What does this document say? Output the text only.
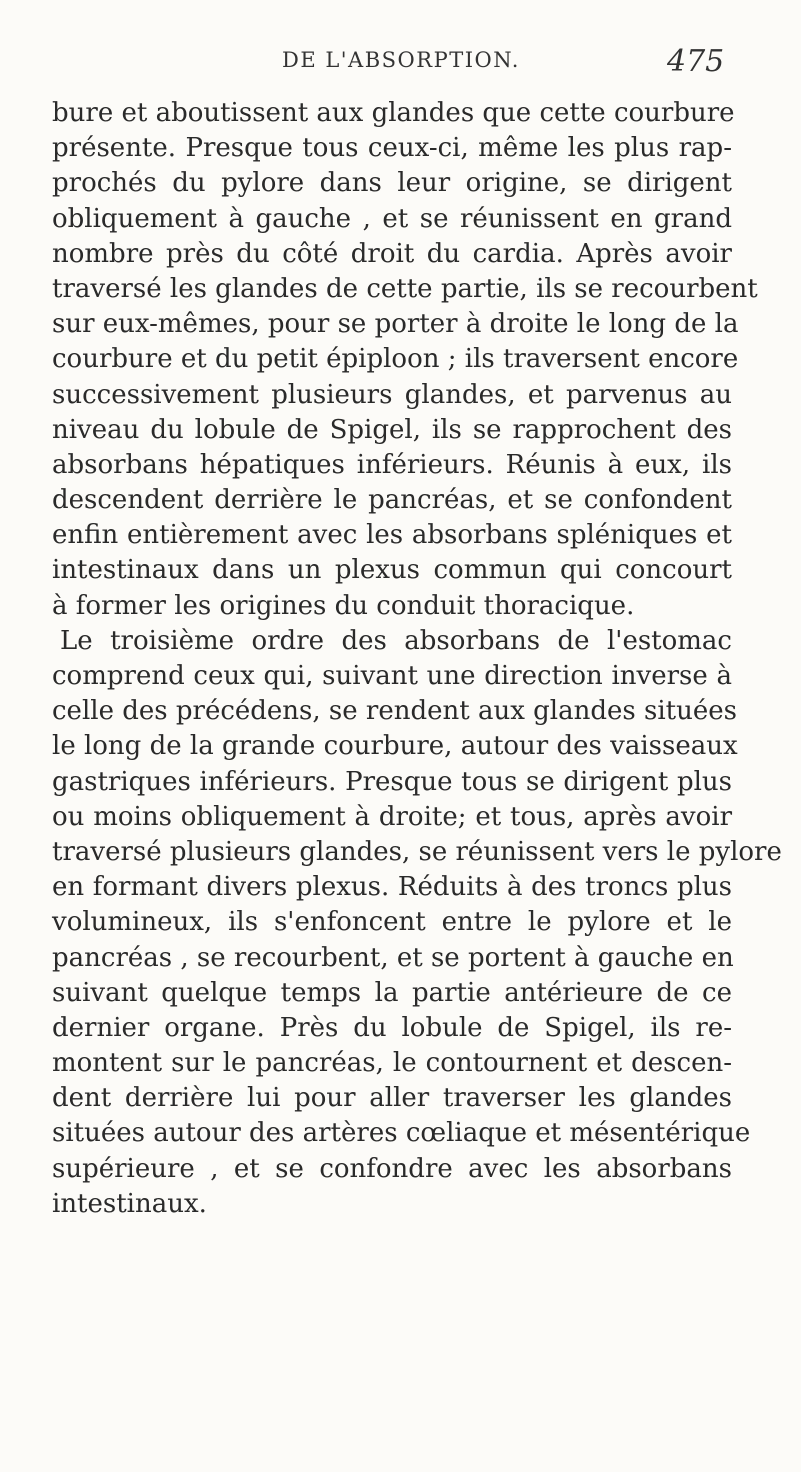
DE L'ABSORPTION.	475
bure et aboutissent aux glandes que cette courbure
présente. Presque tous ceux-ci, même les plus rap-
prochés du pylore dans leur origine, se dirigent
obliquement à gauche , et se réunissent en grand
nombre près du côté droit du cardia. Après avoir
traversé les glandes de cette partie, ils se recourbent
sur eux-mêmes, pour se porter à droite le long de la
courbure et du petit épiploon ; ils traversent encore
successivement plusieurs glandes, et parvenus au
niveau du lobule de Spigel, ils se rapprochent des
absorbans hépatiques inférieurs. Réunis à eux, ils
descendent derrière le pancréas, et se confondent
enfin entièrement avec les absorbans spléniques et
intestinaux dans un plexus commun qui concourt
à former les origines du conduit thoracique.
Le troisième ordre des absorbans de l'estomac
comprend ceux qui, suivant une direction inverse à
celle des précédens, se rendent aux glandes situées
le long de la grande courbure, autour des vaisseaux
gastriques inférieurs. Presque tous se dirigent plus
ou moins obliquement à droite; et tous, après avoir
traversé plusieurs glandes, se réunissent vers le pylore
en formant divers plexus. Réduits à des troncs plus
volumineux, ils s'enfoncent entre le pylore et le
pancréas , se recourbent, et se portent à gauche en
suivant quelque temps la partie antérieure de ce
dernier organe. Près du lobule de Spigel, ils re-
montent sur le pancréas, le contournent et descen-
dent derrière lui pour aller traverser les glandes
situées autour des artères cœliaque et mésentérique
supérieure , et se confondre avec les absorbans
intestinaux.
